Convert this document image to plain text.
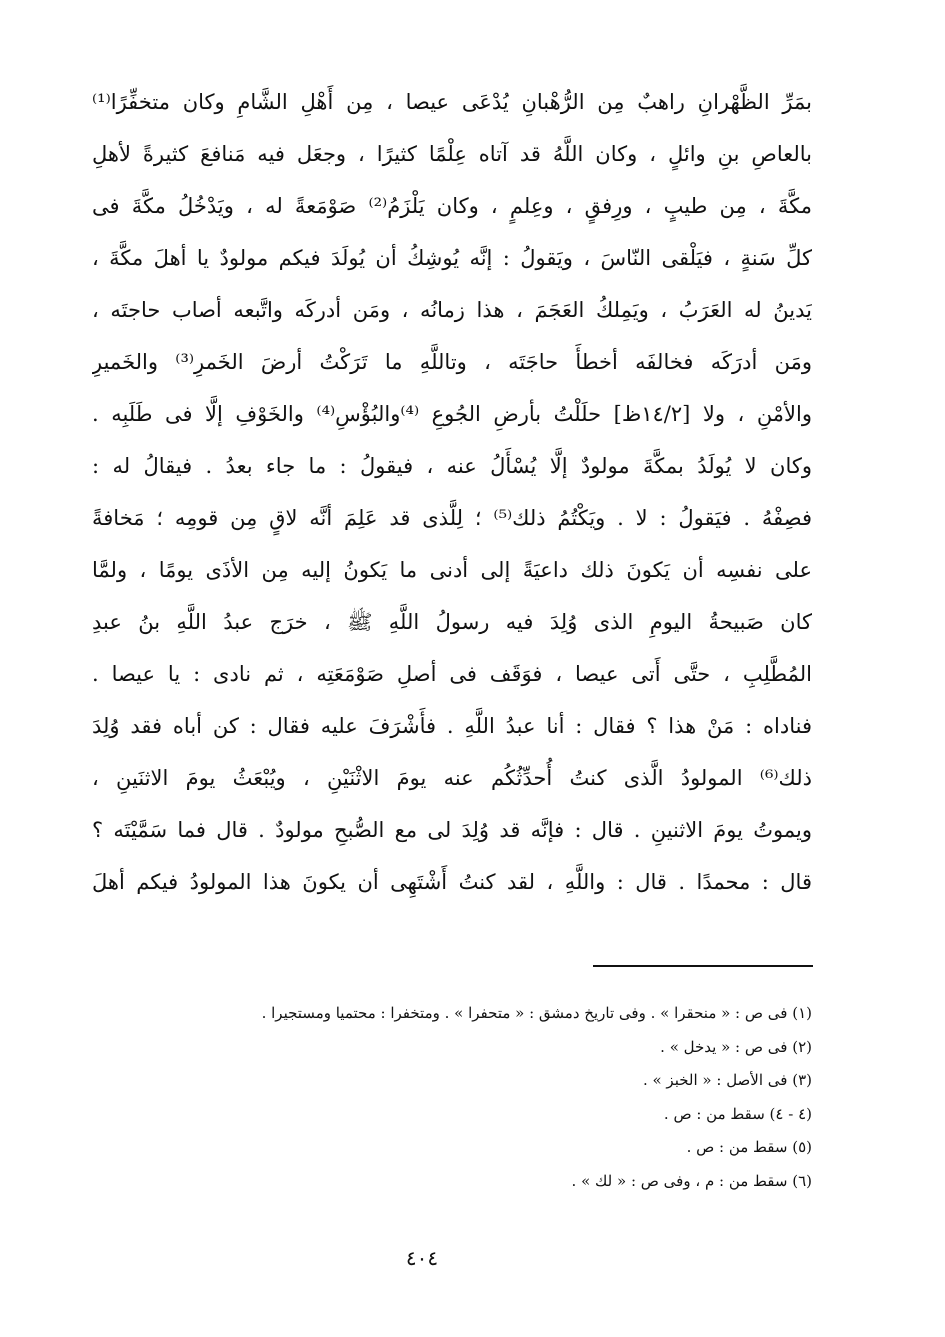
بمَرِّ الظَّهْرانِ راهبٌ مِن الرُّهْبانِ يُدْعَى عيصا ، مِن أَهْلِ الشَّامِ وكان متخفِّرًا⁽¹⁾
بالعاصِ بنِ وائلٍ ، وكان اللَّهُ قد آتاه عِلْمًا كثيرًا ، وجعَل فيه مَنافعَ كثيرةً لأهلِ
مكَّةَ ، مِن طيبٍ ، ورِفقٍ ، وعِلمٍ ، وكان يَلْزَمُ⁽²⁾ صَوْمَعةً له ، ويَدْخُلُ مكَّةَ فى
كلِّ سَنةٍ ، فيَلْقى النّاسَ ، ويَقولُ : إنَّه يُوشِكُ أن يُولَدَ فيكم مولودٌ يا أهلَ مكَّةَ ،
يَدينُ له العَرَبُ ، ويَمِلكُ العَجَمَ ، هذا زمانُه ، ومَن أدركَه واتَّبعه أصاب حاجتَه ،
ومَن أدرَكَه فخالفَه أخطأَ حاجَتَه ، وتاللَّهِ ما تَرَكْتُ أرضَ الخَمرِ⁽³⁾ والخَميرِ
والأمْنِ ، ولا [١٤/٢ظ] حلَلْتُ بأرضِ الجُوعِ ⁽⁴⁾والبُؤْسِ⁽⁴⁾ والخَوْفِ إلَّا فى طَلَبِه .
وكان لا يُولَدُ بمكَّةَ مولودٌ إلَّا يُسْأَلُ عنه ، فيقولُ : ما جاء بعدُ . فيقالُ له :
فصِفْهُ . فيَقولُ : لا . ويَكْتُمُ ذلك⁽⁵⁾ ؛ لِلَّذى قد عَلِمَ أنَّه لاقٍ مِن قومِه ؛ مَخافةً
على نفسِه أن يَكونَ ذلك داعيَةً إلى أدنى ما يَكونُ إليه مِن الأذَى يومًا ، ولمَّا
كان صَبيحةُ اليومِ الذى وُلِدَ فيه رسولُ اللَّهِ ﷺ ، خرَج عبدُ اللَّهِ بنُ عبدِ
المُطَّلِبِ ، حتَّى أَتى عيصا ، فوَقَف فى أصلِ صَوْمَعَتِه ، ثم نادى : يا عيصا .
فناداه : مَنْ هذا ؟ فقال : أنا عبدُ اللَّهِ . فأَشْرَفَ عليه فقال : كن أباه فقد وُلِدَ
ذلك⁽⁶⁾ المولودُ الَّذى كنتُ أُحدِّثُكُم عنه يومَ الاثْنَيْنِ ، ويُبْعَثُ يومَ الاثنَينِ ،
ويموتُ يومَ الاثنينِ . قال : فإنَّه قد وُلِدَ لى مع الصُّبحِ مولودٌ . قال فما سَمَّيْتَه ؟
قال : محمدًا . قال : واللَّهِ ، لقد كنتُ أَشْتَهِى أن يكونَ هذا المولودُ فيكم أهلَ
(١) فى ص : « منحقرا » . وفى تاريخ دمشق : « متحفرا » . ومتخفرا : محتميا ومستجيرا .
(٢) فى ص : « يدخل » .
(٣) فى الأصل : « الخبز » .
(٤ - ٤) سقط من : ص .
(٥) سقط من : ص .
(٦) سقط من : م ، وفى ص : « لك » .
٤٠٤
